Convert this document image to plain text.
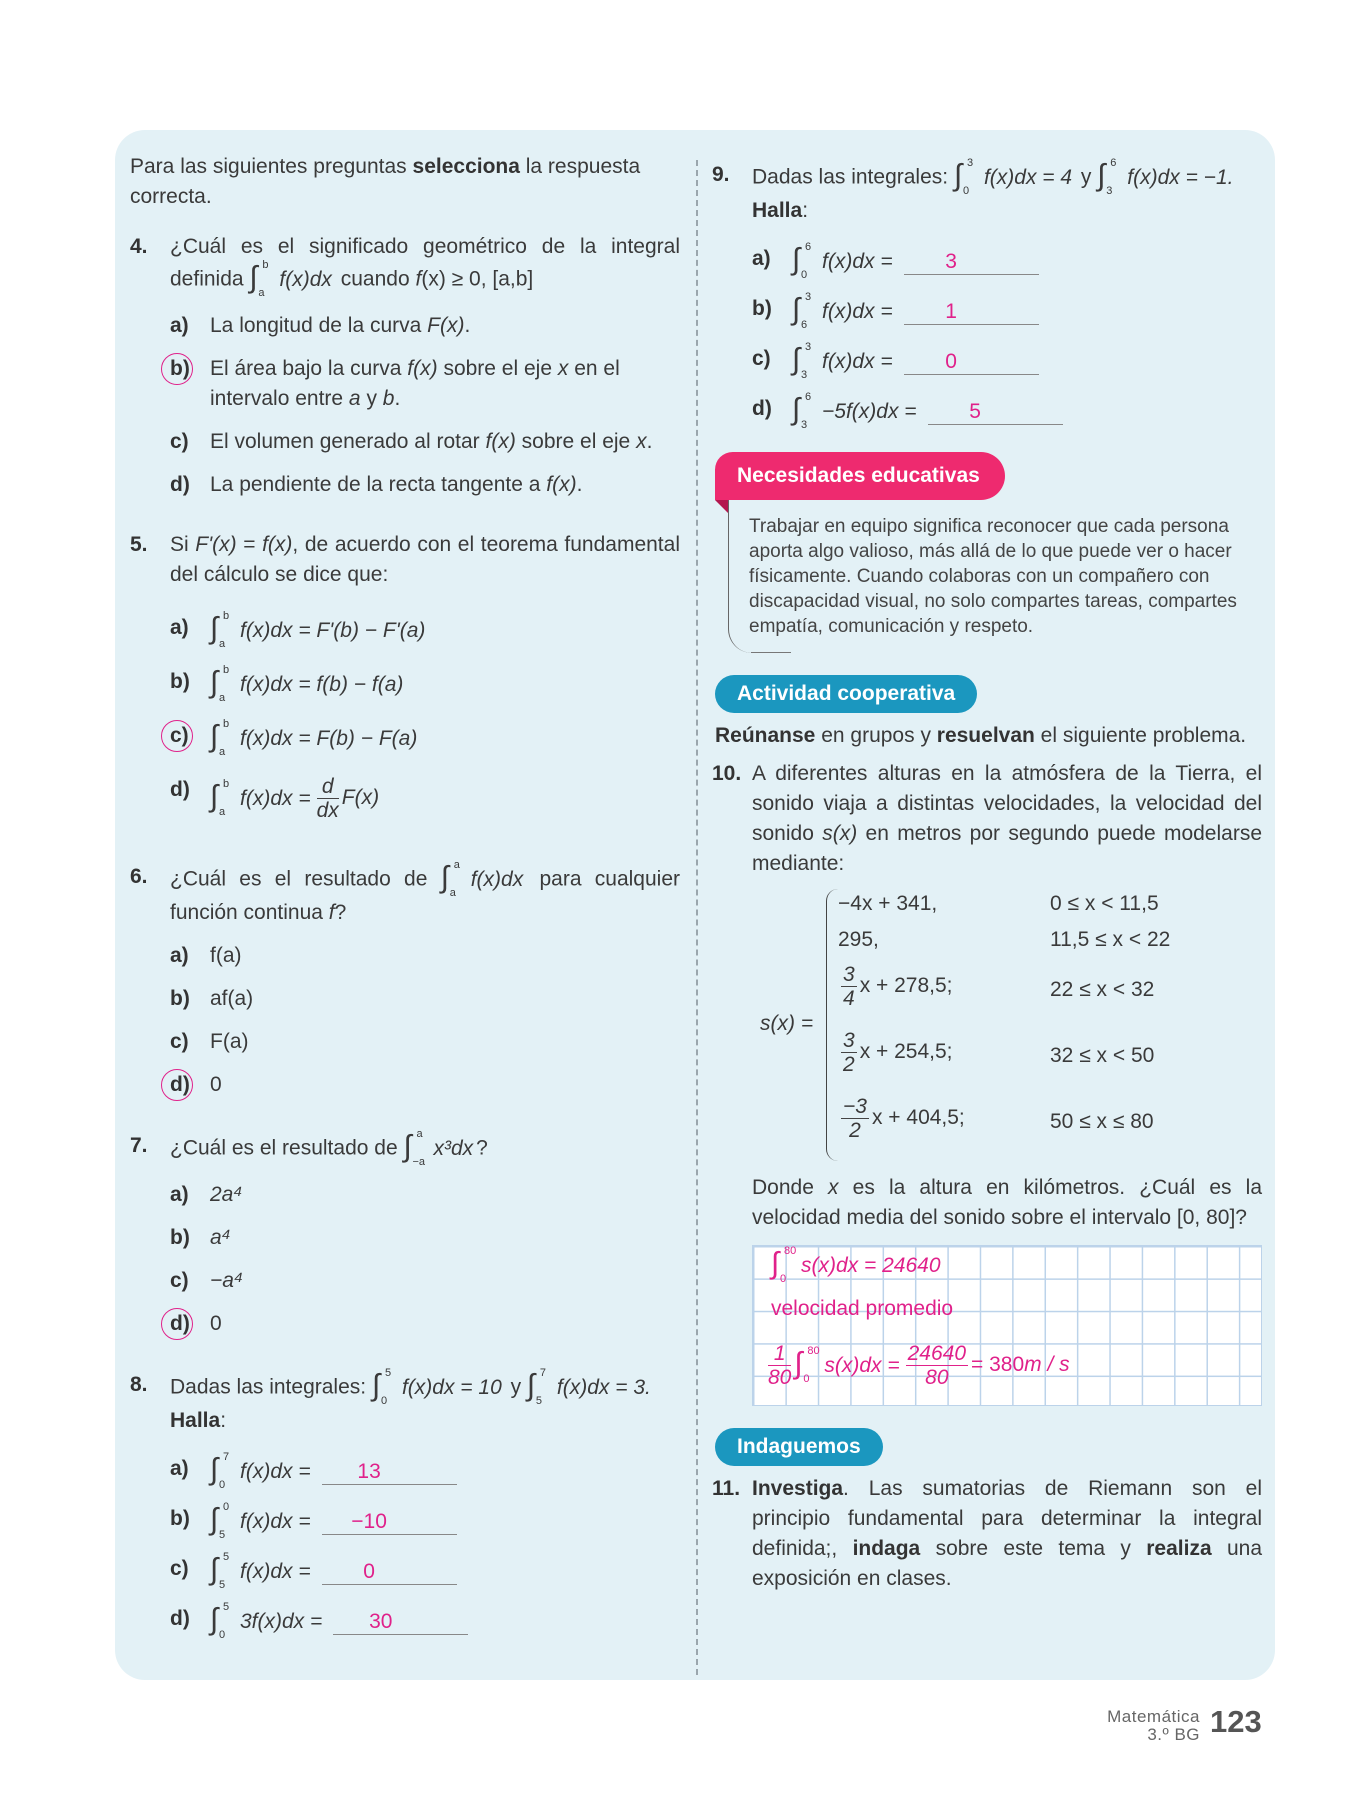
Para las siguientes preguntas selecciona la respuesta correcta.
4. ¿Cuál es el significado geométrico de la integral definida ∫ b
a
f(x)dx cuando f(x) ≥ 0, [a,b]
a)	La longitud de la curva F(x).
b) El área bajo la curva f(x) sobre el eje x en el intervalo entre a y b.
c)	El volumen generado al rotar f(x) sobre el eje x.
d) La pendiente de la recta tangente a f(x).
5. Si F'(x) = f(x), de acuerdo con el teorema fundamental del cálculo se dice que:
a) ∫ b
a
f(x)dx = F'(b) − F'(a)
b) ∫ b
a
f(x)dx = f(b) − f(a)
c) ∫ b
a
f(x)dx = F(b) − F(a)
d) ∫ b
a
$f(x)dx = \frac{d}{dx} F(x)$
6. ¿Cuál es el resultado de ∫ a
a
f(x)dx para cualquier función continua f?
a)	f(a)
b) af(a)
c)	F(a)
d) 0
7. ¿Cuál es el resultado de ∫ a
−a
x³dx ?
a)	2a⁴
b) a⁴
c)	−a⁴
d) 0
8. Dadas las integrales: ∫ 5
0
f(x)dx = 10 y ∫ 7
5
f(x)dx = 3.
Halla:
a) ∫ 7
0
f(x)dx = 13
b) ∫ 0
5
f(x)dx = −10
c) ∫ 5
5
f(x)dx =	0
d) ∫ 5
0
3f(x)dx = 30
9. Dadas las integrales: ∫ 3
0
f(x)dx = 4 y ∫ 6
3
f(x)dx = −1.
Halla:
a) ∫ 6
0
f(x)dx =	3
b) ∫ 3
6
f(x)dx =	1
c) ∫ 3
3
f(x)dx =	0
d) ∫ 6
3
−5f(x)dx =	5
Necesidades educativas
Trabajar en equipo significa reconocer que cada persona aporta algo valioso, más allá de lo que puede ver o hacer físicamente. Cuando colaboras con un compañero con discapacidad visual, no solo compartes tareas, compartes empatía, comunicación y respeto.
Actividad cooperativa
Reúnanse en grupos y resuelvan el siguiente problema.
10. A diferentes alturas en la atmósfera de la Tierra, el sonido viaja a distintas velocidades, la velocidad del sonido s(x) en metros por segundo puede modelarse mediante:
s(x) =
−4x + 341,	0 ≤ x < 11,5
295,	11,5 ≤ x < 22
$\frac{3}{4}$ x + 278,5;	22 ≤ x < 32
$\frac{3}{2}$ x + 254,5;	32 ≤ x < 50
$\frac{-3}{2}$ x + 404,5;	50 ≤ x ≤ 80
Donde x es la altura en kilómetros. ¿Cuál es la velocidad media del sonido sobre el intervalo [0, 80]?
∫ 80
0
s(x)dx = 24640
velocidad promedio
$\frac{1}{80}$ ∫ 80
0
$s(x)dx = \frac{24640}{80} = 380m / s$
Indaguemos
11. Investiga. Las sumatorias de Riemann son el principio fundamental para determinar la integral definida;, indaga sobre este tema y realiza una exposición en clases.
Matemática
3.º BG 123
